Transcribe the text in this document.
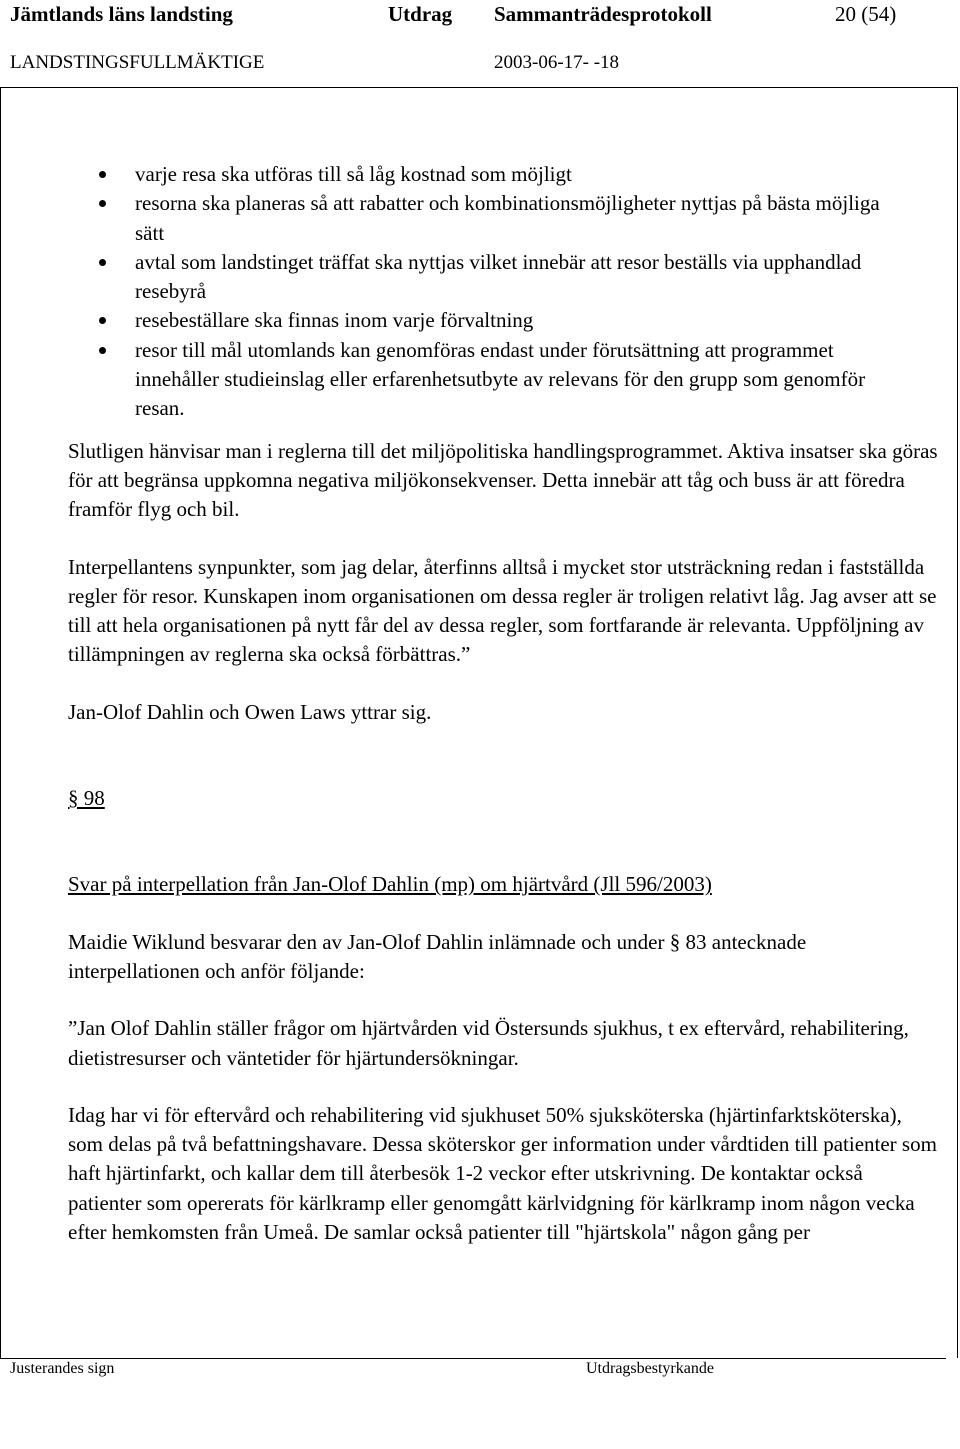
Jämtlands läns landsting	Utdrag Sammanträdesprotokoll	20 (54)
LANDSTINGSFULLMÄKTIGE	2003-06-17- -18
varje resa ska utföras till så låg kostnad som möjligt
resorna ska planeras så att rabatter och kombinationsmöjligheter nyttjas på bästa möjliga sätt
avtal som landstinget träffat ska nyttjas vilket innebär att resor beställs via upphandlad resebyrå
resebeställare ska finnas inom varje förvaltning
resor till mål utomlands kan genomföras endast under förutsättning att programmet innehåller studieinslag eller erfarenhetsutbyte av relevans för den grupp som genomför resan.

Slutligen hänvisar man i reglerna till det miljöpolitiska handlingsprogrammet. Aktiva insatser ska göras för att begränsa uppkomna negativa miljökonsekvenser. Detta innebär att tåg och buss är att föredra framför flyg och bil.

Interpellantens synpunkter, som jag delar, återfinns alltså i mycket stor utsträckning redan i fastställda regler för resor. Kunskapen inom organisationen om dessa regler är troligen relativt låg. Jag avser att se till att hela organisationen på nytt får del av dessa regler, som fortfarande är relevanta. Uppföljning av tillämpningen av reglerna ska också förbättras.”

Jan-Olof Dahlin och Owen Laws yttrar sig.

§ 98

Svar på interpellation från Jan-Olof Dahlin (mp) om hjärtvård (Jll 596/2003)

Maidie Wiklund besvarar den av Jan-Olof Dahlin inlämnade och under § 83 antecknade interpellationen och anför följande:

”Jan Olof Dahlin ställer frågor om hjärtvården vid Östersunds sjukhus, t ex eftervård, rehabilitering, dietistresurser och väntetider för hjärtundersökningar.

Idag har vi för eftervård och rehabilitering vid sjukhuset 50% sjuksköterska (hjärtinfarktsköterska), som delas på två befattningshavare. Dessa sköterskor ger information under vårdtiden till patienter som haft hjärtinfarkt, och kallar dem till återbesök 1-2 veckor efter utskrivning. De kontaktar också patienter som opererats för kärlkramp eller genomgått kärlvidgning för kärlkramp inom någon vecka efter hemkomsten från Umeå. De samlar också patienter till "hjärtskola" någon gång per

Justerandes sign	Utdragsbestyrkande
